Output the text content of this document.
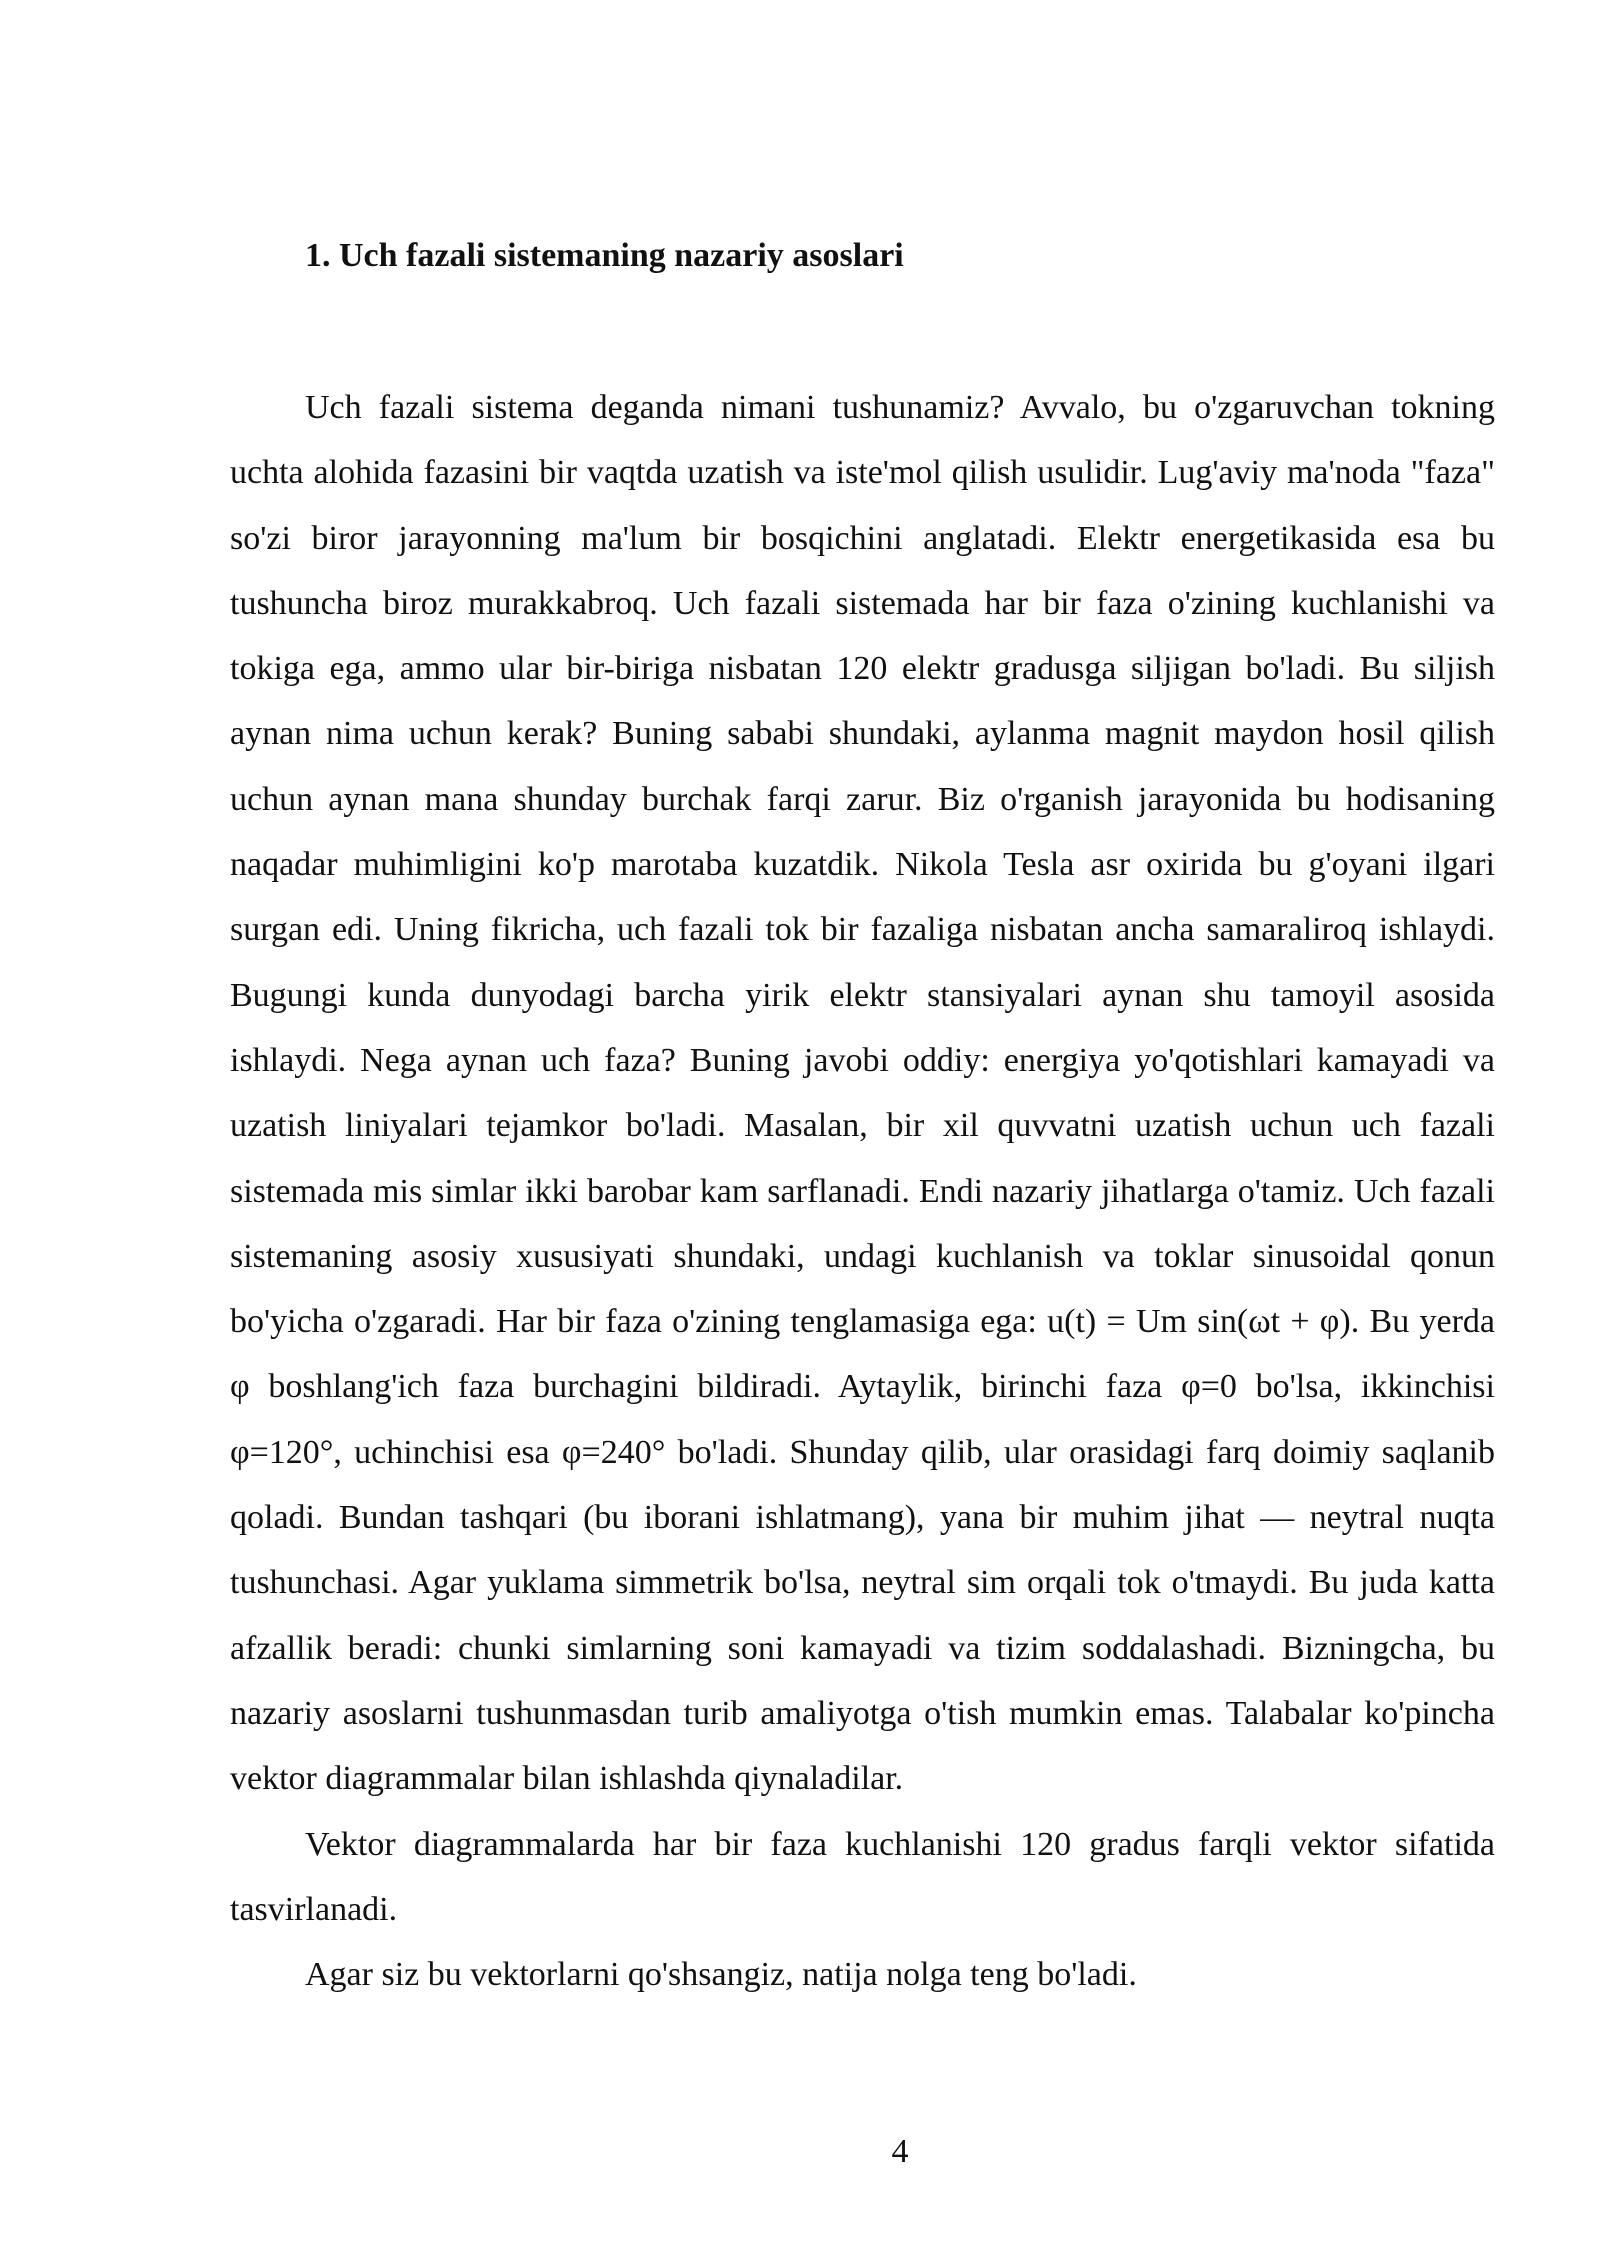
1. Uch fazali sistemaning nazariy asoslari

Uch fazali sistema deganda nimani tushunamiz? Avvalo, bu o'zgaruvchan tokning uchta alohida fazasini bir vaqtda uzatish va iste'mol qilish usulidir. Lug'aviy ma'noda "faza" so'zi biror jarayonning ma'lum bir bosqichini anglatadi. Elektr energetikasida esa bu tushuncha biroz murakkabroq. Uch fazali sistemada har bir faza o'zining kuchlanishi va tokiga ega, ammo ular bir-biriga nisbatan 120 elektr gradusga siljigan bo'ladi. Bu siljish aynan nima uchun kerak? Buning sababi shundaki, aylanma magnit maydon hosil qilish uchun aynan mana shunday burchak farqi zarur. Biz o'rganish jarayonida bu hodisaning naqadar muhimligini ko'p marotaba kuzatdik. Nikola Tesla asr oxirida bu g'oyani ilgari surgan edi. Uning fikricha, uch fazali tok bir fazaliga nisbatan ancha samaraliroq ishlaydi. Bugungi kunda dunyodagi barcha yirik elektr stansiyalari aynan shu tamoyil asosida ishlaydi. Nega aynan uch faza? Buning javobi oddiy: energiya yo'qotishlari kamayadi va uzatish liniyalari tejamkor bo'ladi. Masalan, bir xil quvvatni uzatish uchun uch fazali sistemada mis simlar ikki barobar kam sarflanadi. Endi nazariy jihatlarga o'tamiz. Uch fazali sistemaning asosiy xususiyati shundaki, undagi kuchlanish va toklar sinusoidal qonun bo'yicha o'zgaradi. Har bir faza o'zining tenglamasiga ega: u(t) = Um sin(ωt + φ). Bu yerda φ boshlang'ich faza burchagini bildiradi. Aytaylik, birinchi faza φ=0 bo'lsa, ikkinchisi φ=120°, uchinchisi esa φ=240° bo'ladi. Shunday qilib, ular orasidagi farq doimiy saqlanib qoladi. Bundan tashqari (bu iborani ishlatmang), yana bir muhim jihat — neytral nuqta tushunchasi. Agar yuklama simmetrik bo'lsa, neytral sim orqali tok o'tmaydi. Bu juda katta afzallik beradi: chunki simlarning soni kamayadi va tizim soddalashadi. Bizningcha, bu nazariy asoslarni tushunmasdan turib amaliyotga o'tish mumkin emas. Talabalar ko'pincha vektor diagrammalar bilan ishlashda qiynaladilar.

Vektor diagrammalarda har bir faza kuchlanishi 120 gradus farqli vektor sifatida tasvirlanadi.

Agar siz bu vektorlarni qo'shsangiz, natija nolga teng bo'ladi.

4
